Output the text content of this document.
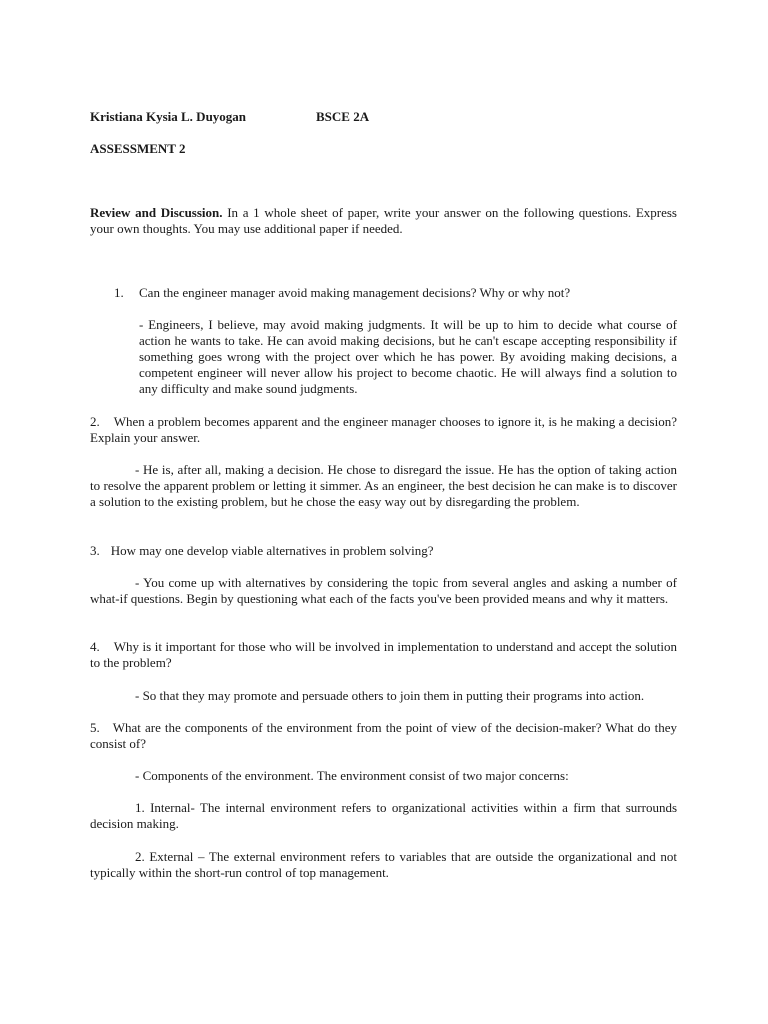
Kristiana Kysia L. Duyogan	BSCE 2A
ASSESSMENT 2

Review and Discussion. In a 1 whole sheet of paper, write your answer on the following questions. Express your own thoughts. You may use additional paper if needed.

1. Can the engineer manager avoid making management decisions? Why or why not?

- Engineers, I believe, may avoid making judgments. It will be up to him to decide what course of action he wants to take. He can avoid making decisions, but he can't escape accepting responsibility if something goes wrong with the project over which he has power. By avoiding making decisions, a competent engineer will never allow his project to become chaotic. He will always find a solution to any difficulty and make sound judgments.

2. When a problem becomes apparent and the engineer manager chooses to ignore it, is he making a decision? Explain your answer.

- He is, after all, making a decision. He chose to disregard the issue. He has the option of taking action to resolve the apparent problem or letting it simmer. As an engineer, the best decision he can make is to discover a solution to the existing problem, but he chose the easy way out by disregarding the problem.

3. How may one develop viable alternatives in problem solving?

- You come up with alternatives by considering the topic from several angles and asking a number of what-if questions. Begin by questioning what each of the facts you've been provided means and why it matters.

4. Why is it important for those who will be involved in implementation to understand and accept the solution to the problem?

- So that they may promote and persuade others to join them in putting their programs into action.

5. What are the components of the environment from the point of view of the decision-maker? What do they consist of?

- Components of the environment. The environment consist of two major concerns:

1. Internal- The internal environment refers to organizational activities within a firm that surrounds decision making.

2. External – The external environment refers to variables that are outside the organizational and not typically within the short-run control of top management.
